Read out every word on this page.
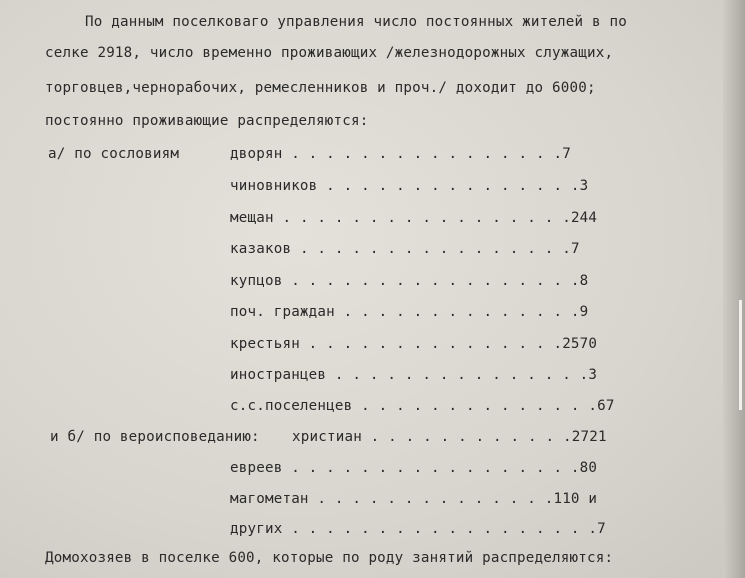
По данным поселковаго управления число постоянных жителей в по
селке 2918, число временно проживающих /железнодорожных служащих,
торговцев,чернорабочих, ремесленников и проч./ доходит до 6000;
постоянно проживающие распределяются:
а/ по сословиям	дворян . . . . . . . . . . . . . . . .7
чиновников . . . . . . . . . . . . . . .3
мещан . . . . . . . . . . . . . . . . .244
казаков . . . . . . . . . . . . . . . .7
купцов . . . . . . . . . . . . . . . . .8
поч. граждан . . . . . . . . . . . . . .9
крестьян . . . . . . . . . . . . . . .2570
иностранцев . . . . . . . . . . . . . . .3
с.с.поселенцев . . . . . . . . . . . . . .67
и б/ по вероисповеданию: христиан . . . . . . . . . . . .2721
евреев . . . . . . . . . . . . . . . . .80
магометан . . . . . . . . . . . . . .110 и
других . . . . . . . . . . . . . . . . . .7
Домохозяев в поселке 600, которые по роду занятий распределяются:
